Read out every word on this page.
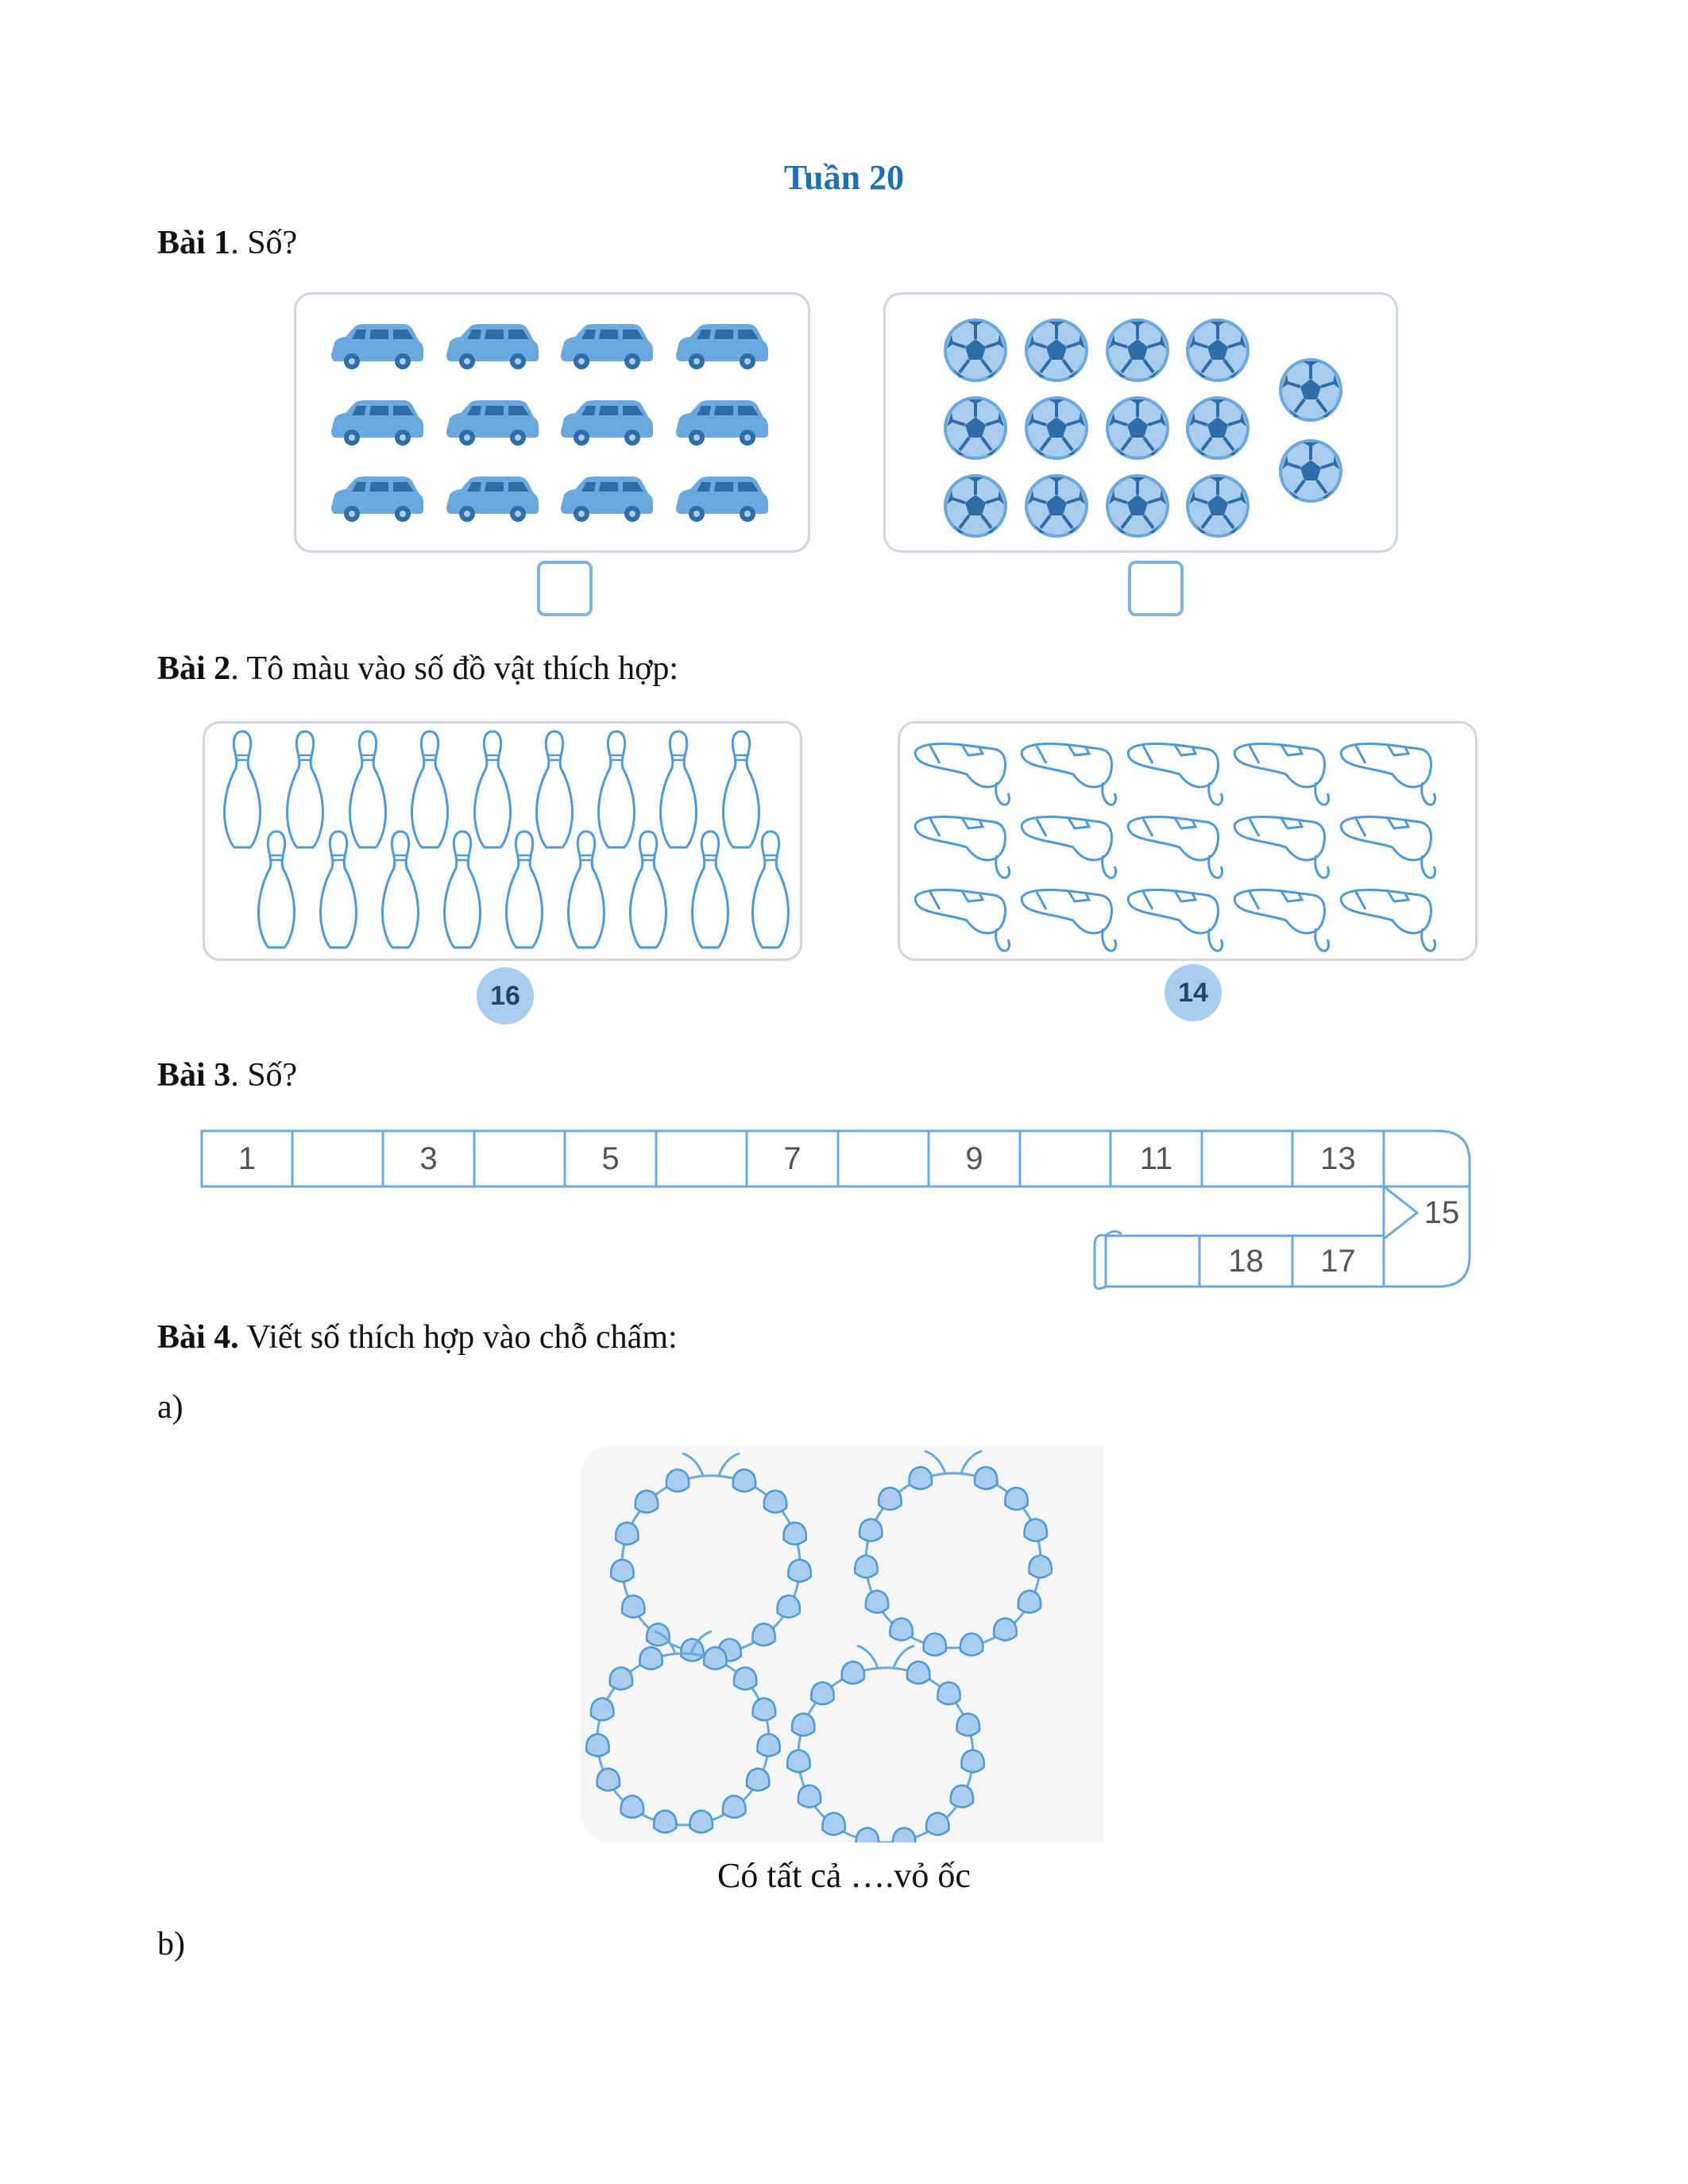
Tuần 20
Bài 1. Số?
Bài 2. Tô màu vào số đồ vật thích hợp:
16	14
Bài 3. Số?
1	3	5	7	9	11	13
15
17
18
Bài 4. Viết số thích hợp vào chỗ chấm:
a)
Có tất cả ….vỏ ốc
b)
